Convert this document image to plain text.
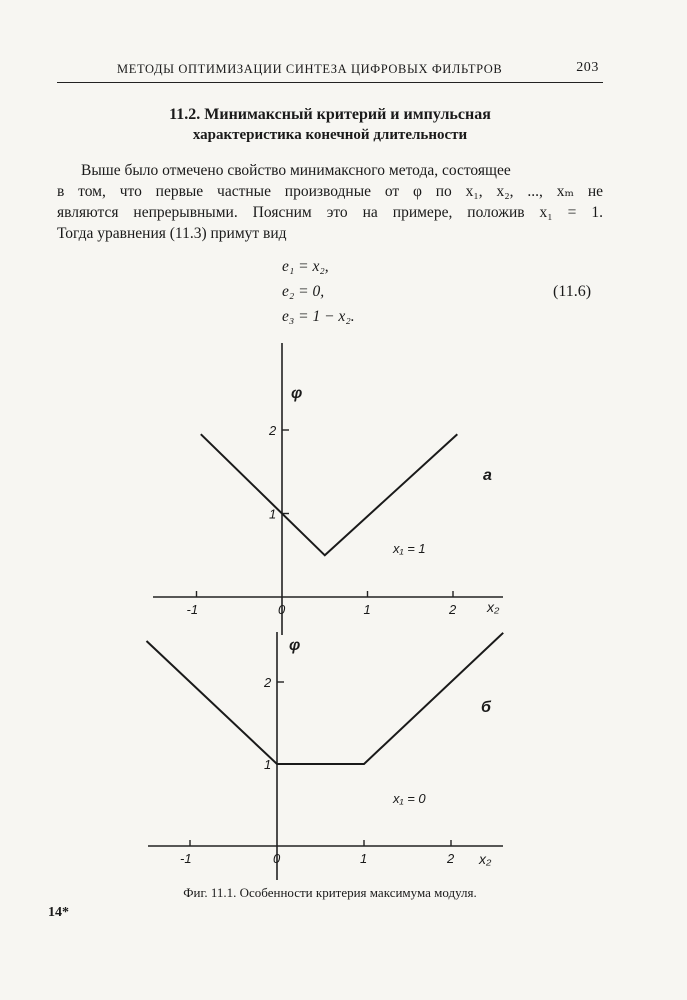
МЕТОДЫ ОПТИМИЗАЦИИ СИНТЕЗА ЦИФРОВЫХ ФИЛЬТРОВ	203
11.2. Минимаксный критерий и импульсная
характеристика конечной длительности
Выше было отмечено свойство минимаксного метода, состоящее
в том, что первые частные производные от φ по x₁, x₂, ..., xₘ не
являются непрерывными. Поясним это на примере, положив x₁ = 1.
Тогда уравнения (11.3) примут вид
e₁ = x₂,
e₂ = 0,
e₃ = 1 − x₂.
(11.6)
-1	0	1	2
1
2
φ
x₂
а
x₁ = 1
-1	0	1	2
1
2
φ
x₂
б
x₁ = 0
Фиг. 11.1. Особенности критерия максимума модуля.
14*
